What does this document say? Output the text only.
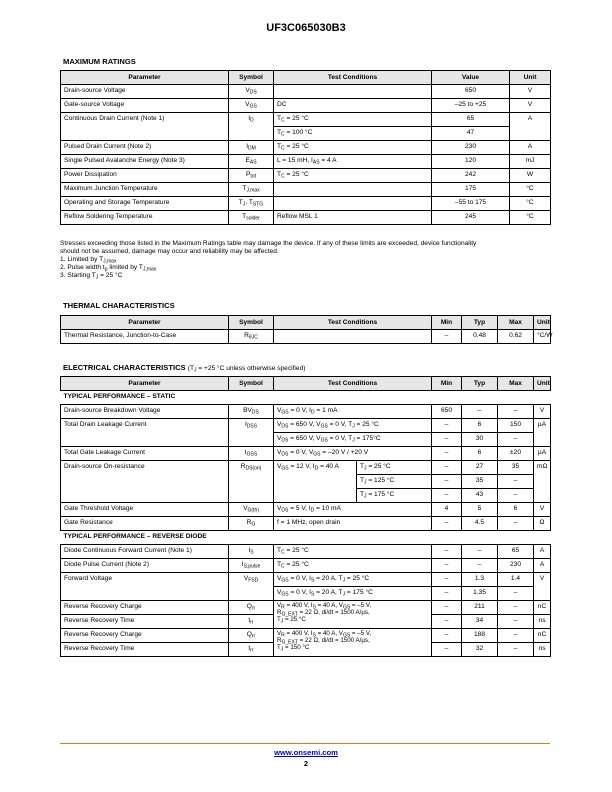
UF3C065030B3
MAXIMUM RATINGS
Parameter	Symbol	Test Conditions	Value	Unit
Drain-source Voltage	$V_{DS}$		650	V
Gate-source Voltage	$V_{GS}$	DC	–25 to +25	V
Continuous Drain Current (Note 1)	$I_D$	$T_C = 25$ °C	65	A
		$T_C = 100$ °C	47	
Pulsed Drain Current (Note 2)	$I_{DM}$	$T_C = 25$ °C	230	A
Single Pulsed Avalanche Energy (Note 3)	$E_{AS}$	L = 15 mH, $I_{AS} = 4$ A	120	mJ
Power Dissipation	$P_{tot}$	$T_C = 25$ °C	242	W
Maximum Junction Temperature	$T_{J,max}$		175	°C
Operating and Storage Temperature	$T_J$, $T_{STG}$		–55 to 175	°C
Reflow Soldering Temperature	$T_{solder}$	Reflow MSL 1	245	°C
Stresses exceeding those listed in the Maximum Ratings table may damage the device. If any of these limits are exceeded, device functionality
should not be assumed, damage may occur and reliability may be affected.
1. Limited by $T_{J,max}$
2. Pulse width $t_p$ limited by $T_{J,max}$
3. Starting $T_J = 25$ °C
THERMAL CHARACTERISTICS
Parameter	Symbol	Test Conditions	Min	Typ	Max	Unit
Thermal Resistance, Junction-to-Case	$R_{\theta JC}$		–	0.48	0.62	°C/W
ELECTRICAL CHARACTERISTICS ($T_J = +25$ °C unless otherwise specified)
Parameter	Symbol	Test Conditions		Min	Typ	Max	Unit
TYPICAL PERFORMANCE – STATIC							
Drain-source Breakdown Voltage	$BV_{DS}$	$V_{GS} = 0$ V, $I_D = 1$ mA		650	–	–	V
Total Drain Leakage Current	$I_{DSS}$	$V_{DS} = 650$ V, $V_{GS} = 0$ V, $T_J = 25$ °C		–	6	150	µA
		$V_{DS} = 650$ V, $V_{GS} = 0$ V, $T_J = 175^\circ C$		–	30	–	
Total Gate Leakage Current	$I_{GSS}$	$V_{DS} = 0$ V, $V_{GS} = -20$ V / +20 V		–	6	±20	µA
Drain-source On-resistance	$R_{DS(on)}$	$V_{GS} = 12$ V, $I_D = 40$ A	$T_J = 25$ °C	–	27	35	mΩ
			$T_J = 125$ °C	–	35	–	
			$T_J = 175$ °C	–	43	–	
Gate Threshold Voltage	$V_{G(th)}$	$V_{DS} = 5$ V, $I_D = 10$ mA		4	5	6	V
Gate Resistance	$R_G$	f = 1 MHz, open drain		–	4.5	–	Ω
TYPICAL PERFORMANCE – REVERSE DIODE							
Diode Continuous Forward Current (Note 1)	$I_S$	$T_C = 25$ °C		–	–	65	A
Diode Pulse Current (Note 2)	$I_{S,pulse}$	$T_C = 25$ °C		–	–	230	A
Forward Voltage	$V_{FSD}$	$V_{GS} = 0$ V, $I_S = 20$ A, $T_J = 25$ °C		–	1.3	1.4	V
		$V_{GS} = 0$ V, $I_S = 20$ A, $T_J = 175$ °C		–	1.35	–	
Reverse Recovery Charge	$Q_{rr}$	$V_R = 400$ V, $I_S = 40$ A, $V_{GS} = -5$ V,
$R_{G\_EXT} = 22$ Ω, di/dt = 1500 A/µs,
$T_J = 25$ °C		–	211	–	nC
Reverse Recovery Time	$t_{rr}$			–	34	–	ns
Reverse Recovery Charge	$Q_{rr}$	$V_R = 400$ V, $I_S = 40$ A, $V_{GS} = -5$ V,
$R_{G\_EXT} = 22$ Ω, di/dt = 1500 A/µs,
$T_J = 150$ °C		–	188	–	nC
Reverse Recovery Time	$t_{rr}$			–	32	–	ns
www.onsemi.com
2
